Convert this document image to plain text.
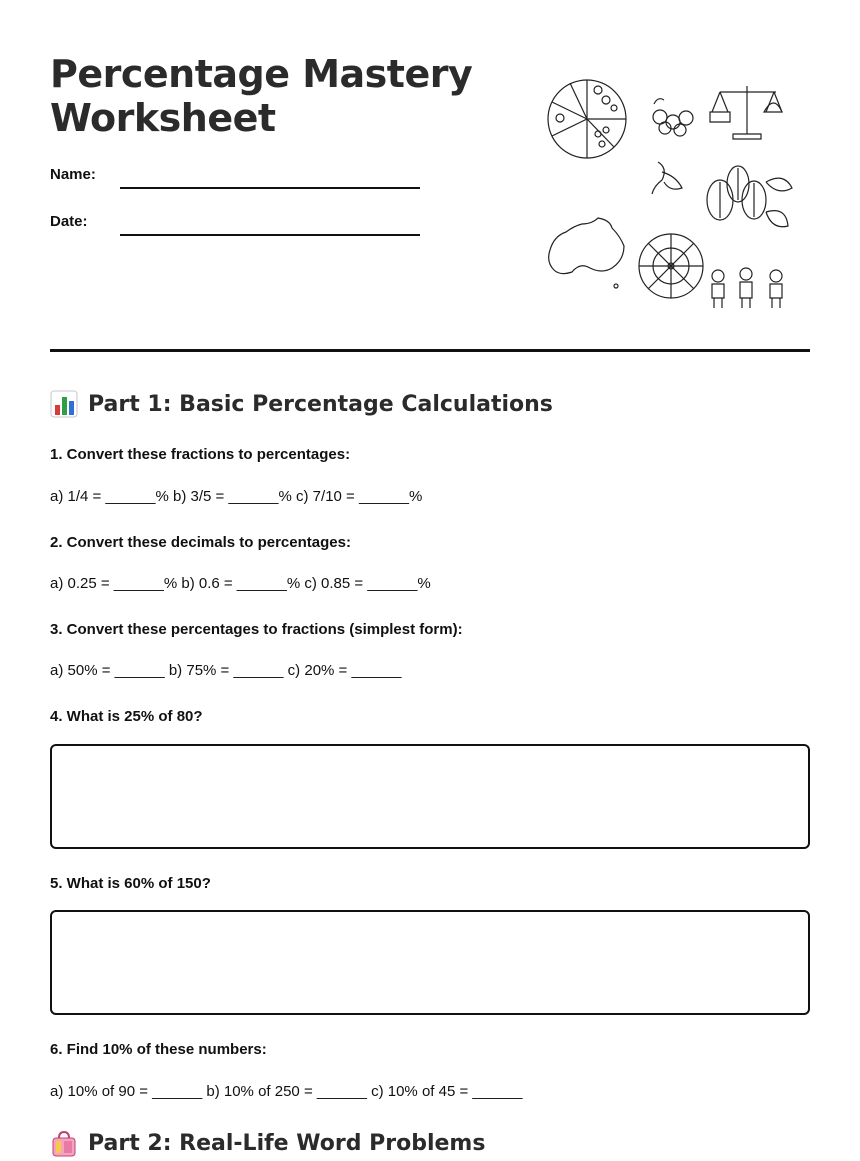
Percentage Mastery Worksheet
Name:
Date:
Part 1: Basic Percentage Calculations
1. Convert these fractions to percentages:
a) 1/4 = ______% b) 3/5 = ______% c) 7/10 = ______%
2. Convert these decimals to percentages:
a) 0.25 = ______% b) 0.6 = ______% c) 0.85 = ______%
3. Convert these percentages to fractions (simplest form):
a) 50% = ______ b) 75% = ______ c) 20% = ______
4. What is 25% of 80?
5. What is 60% of 150?
6. Find 10% of these numbers:
a) 10% of 90 = ______ b) 10% of 250 = ______ c) 10% of 45 = ______
Part 2: Real-Life Word Problems
